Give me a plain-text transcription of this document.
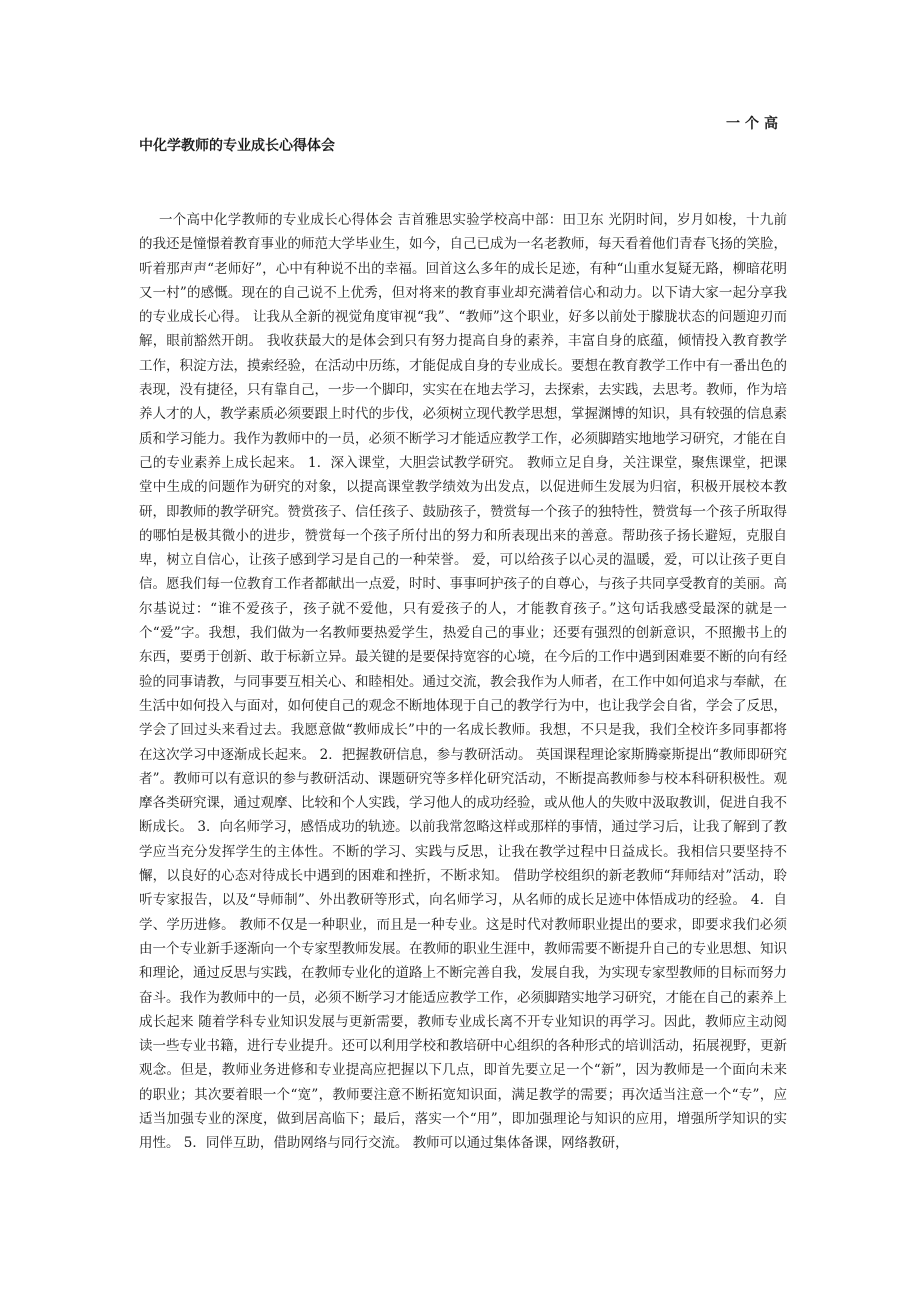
一个高
中化学教师的专业成长心得体会

一个高中化学教师的专业成长心得体会 吉首雅思实验学校高中部：田卫东 光阴时间，岁月如梭，十九前的我还是憧憬着教育事业的师范大学毕业生，如今，自己已成为一名老教师，每天看着他们青春飞扬的笑脸，听着那声声“老师好”，心中有种说不出的幸福。回首这么多年的成长足迹，有种“山重水复疑无路，柳暗花明又一村”的感慨。现在的自己说不上优秀，但对将来的教育事业却充满着信心和动力。以下请大家一起分享我的专业成长心得。 让我从全新的视觉角度审视“我”、“教师”这个职业，好多以前处于朦胧状态的问题迎刃而解，眼前豁然开朗。 我收获最大的是体会到只有努力提高自身的素养，丰富自身的底蕴，倾情投入教育教学工作，积淀方法，摸索经验，在活动中历练，才能促成自身的专业成长。要想在教育教学工作中有一番出色的表现，没有捷径，只有靠自己，一步一个脚印，实实在在地去学习，去探索，去实践，去思考。教师，作为培养人才的人，教学素质必须要跟上时代的步伐，必须树立现代教学思想，掌握渊博的知识，具有较强的信息素质和学习能力。我作为教师中的一员，必须不断学习才能适应教学工作，必须脚踏实地地学习研究，才能在自己的专业素养上成长起来。 1．深入课堂，大胆尝试教学研究。 教师立足自身，关注课堂，聚焦课堂，把课堂中生成的问题作为研究的对象，以提高课堂教学绩效为出发点，以促进师生发展为归宿，积极开展校本教研，即教师的教学研究。赞赏孩子、信任孩子、鼓励孩子，赞赏每一个孩子的独特性，赞赏每一个孩子所取得的哪怕是极其微小的进步，赞赏每一个孩子所付出的努力和所表现出来的善意。帮助孩子扬长避短，克服自卑，树立自信心，让孩子感到学习是自己的一种荣誉。 爱，可以给孩子以心灵的温暖，爱，可以让孩子更自信。愿我们每一位教育工作者都献出一点爱，时时、事事呵护孩子的自尊心，与孩子共同享受教育的美丽。高尔基说过：“谁不爱孩子，孩子就不爱他，只有爱孩子的人，才能教育孩子。”这句话我感受最深的就是一个“爱”字。我想，我们做为一名教师要热爱学生，热爱自己的事业；还要有强烈的创新意识，不照搬书上的东西，要勇于创新、敢于标新立异。最关键的是要保持宽容的心境，在今后的工作中遇到困难要不断的向有经验的同事请教，与同事要互相关心、和睦相处。通过交流，教会我作为人师者，在工作中如何追求与奉献，在生活中如何投入与面对，如何使自己的观念不断地体现于自己的教学行为中，也让我学会自省，学会了反思，学会了回过头来看过去。我愿意做“教师成长”中的一名成长教师。我想，不只是我，我们全校许多同事都将在这次学习中逐渐成长起来。 2．把握教研信息，参与教研活动。 英国课程理论家斯腾豪斯提出“教师即研究者”。教师可以有意识的参与教研活动、课题研究等多样化研究活动，不断提高教师参与校本科研积极性。观摩各类研究课，通过观摩、比较和个人实践，学习他人的成功经验，或从他人的失败中汲取教训，促进自我不断成长。 3．向名师学习，感悟成功的轨迹。以前我常忽略这样或那样的事情，通过学习后，让我了解到了教学应当充分发挥学生的主体性。不断的学习、实践与反思，让我在教学过程中日益成长。我相信只要坚持不懈，以良好的心态对待成长中遇到的困难和挫折，不断求知。 借助学校组织的新老教师“拜师结对”活动，聆听专家报告，以及“导师制”、外出教研等形式，向名师学习，从名师的成长足迹中体悟成功的经验。 4．自学、学历进修。 教师不仅是一种职业，而且是一种专业。这是时代对教师职业提出的要求，即要求我们必须由一个专业新手逐渐向一个专家型教师发展。在教师的职业生涯中，教师需要不断提升自己的专业思想、知识和理论，通过反思与实践，在教师专业化的道路上不断完善自我，发展自我，为实现专家型教师的目标而努力奋斗。我作为教师中的一员，必须不断学习才能适应教学工作，必须脚踏实地学习研究，才能在自己的素养上成长起来 随着学科专业知识发展与更新需要，教师专业成长离不开专业知识的再学习。因此，教师应主动阅读一些专业书籍，进行专业提升。还可以利用学校和教培研中心组织的各种形式的培训活动，拓展视野，更新观念。但是，教师业务进修和专业提高应把握以下几点，即首先要立足一个“新”，因为教师是一个面向未来的职业；其次要着眼一个“宽”，教师要注意不断拓宽知识面，满足教学的需要；再次适当注意一个“专”，应适当加强专业的深度，做到居高临下；最后，落实一个“用”，即加强理论与知识的应用，增强所学知识的实用性。 5．同伴互助，借助网络与同行交流。 教师可以通过集体备课，网络教研，
